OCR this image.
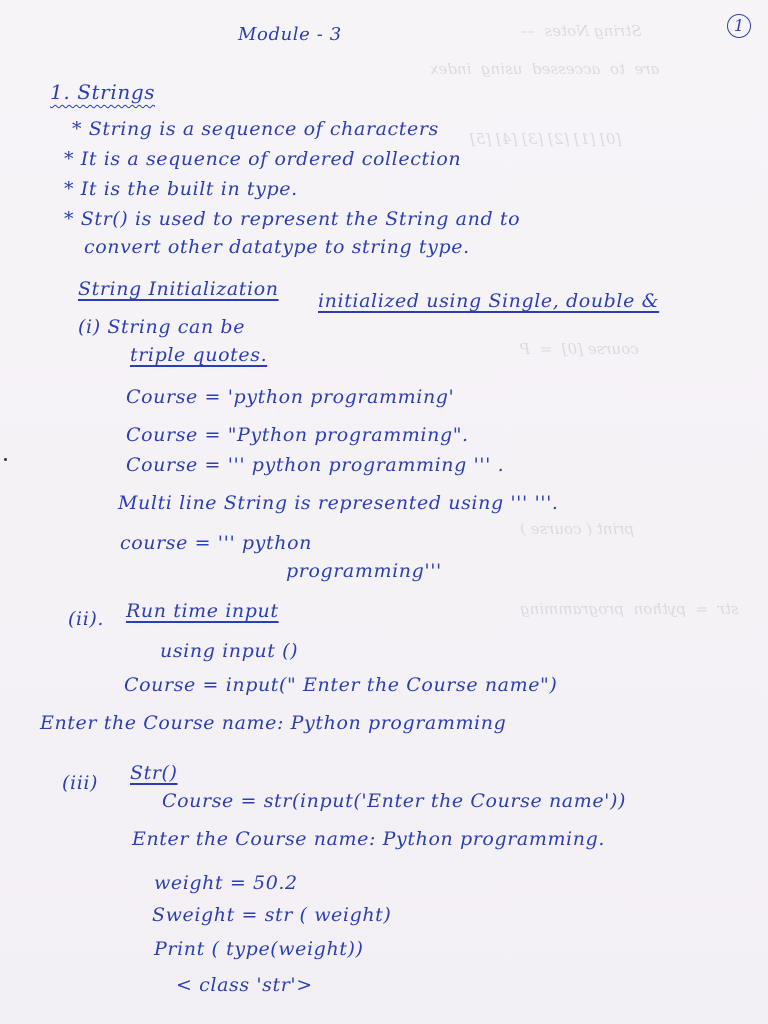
String Notes  ––
are  to  accessed  using  index
[0] [1] [2] [3] [4] [5]
course [0]  =  P
print ( course )
str  =  python  programming
Module - 3	1
1. Strings
* String is a sequence of characters
* It is a sequence of ordered collection
* It is the built in type.
* Str() is used to represent the String and to
convert other datatype to string type.
String Initialization
(i) String can be
initialized using Single, double &
triple quotes.
Course = 'python programming'
Course = "Python programming".
Course = ''' python programming ''' .
Multi line String is represented using ''' '''.
course = ''' python
programming'''
(ii). Run time input
using input ()
Course = input(" Enter the Course name")
Enter the Course name: Python programming
(iii) Str()
Course = str(input('Enter the Course name'))
Enter the Course name: Python programming.
weight = 50.2
Sweight = str ( weight)
Print ( type(weight))
< class 'str'>
